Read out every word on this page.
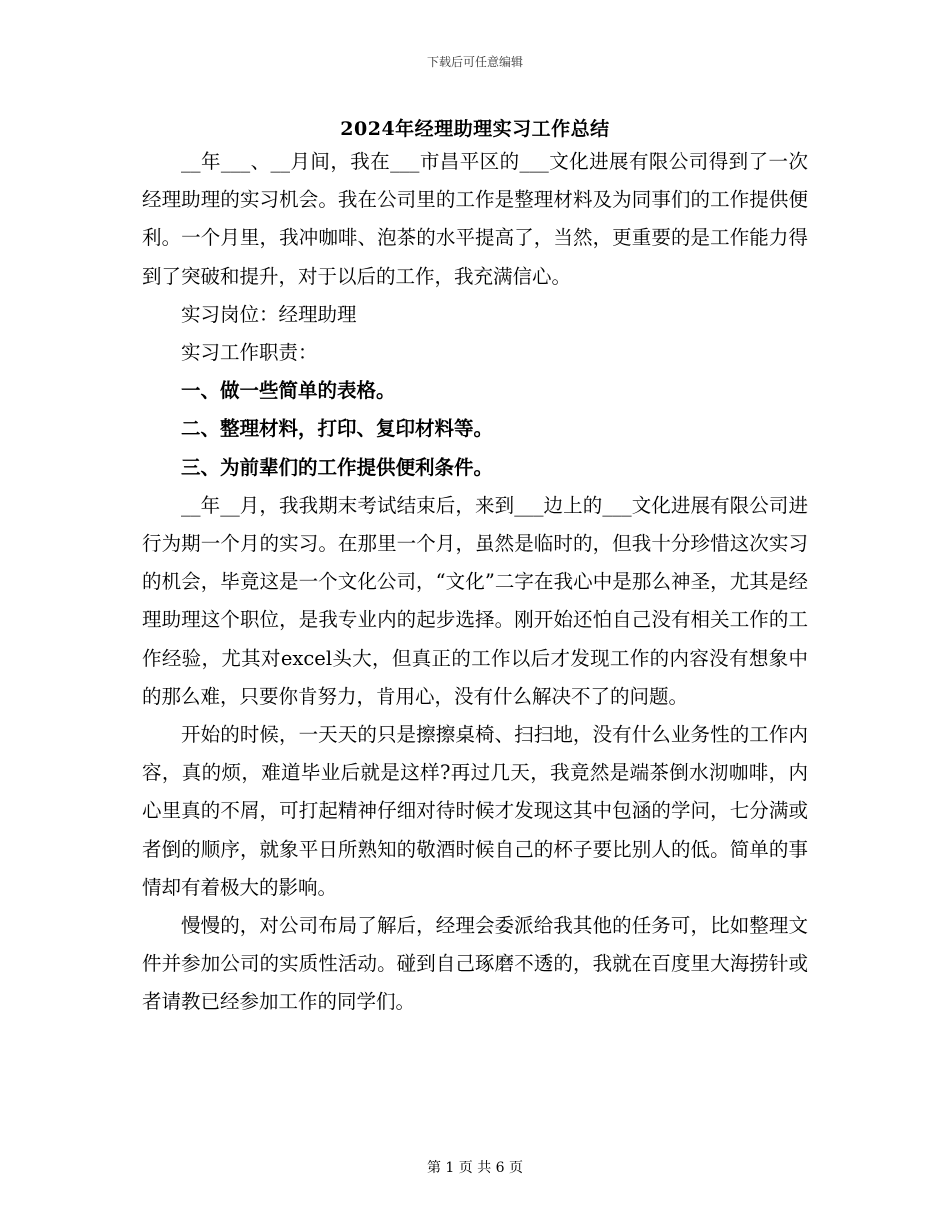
下载后可任意编辑
2024年经理助理实习工作总结

__年___、__月间，我在___市昌平区的___文化进展有限公司得到了一次经理助理的实习机会。我在公司里的工作是整理材料及为同事们的工作提供便利。一个月里，我冲咖啡、泡茶的水平提高了，当然，更重要的是工作能力得到了突破和提升，对于以后的工作，我充满信心。

实习岗位：经理助理

实习工作职责：

一、做一些简单的表格。

二、整理材料，打印、复印材料等。

三、为前辈们的工作提供便利条件。

__年__月，我我期末考试结束后，来到___边上的___文化进展有限公司进行为期一个月的实习。在那里一个月，虽然是临时的，但我十分珍惜这次实习的机会，毕竟这是一个文化公司，“文化”二字在我心中是那么神圣，尤其是经理助理这个职位，是我专业内的起步选择。刚开始还怕自己没有相关工作的工作经验，尤其对excel头大，但真正的工作以后才发现工作的内容没有想象中的那么难，只要你肯努力，肯用心，没有什么解决不了的问题。

开始的时候，一天天的只是擦擦桌椅、扫扫地，没有什么业务性的工作内容，真的烦，难道毕业后就是这样?再过几天，我竟然是端茶倒水沏咖啡，内心里真的不屑，可打起精神仔细对待时候才发现这其中包涵的学问，七分满或者倒的顺序，就象平日所熟知的敬酒时候自己的杯子要比别人的低。简单的事情却有着极大的影响。

慢慢的，对公司布局了解后，经理会委派给我其他的任务可，比如整理文件并参加公司的实质性活动。碰到自己琢磨不透的，我就在百度里大海捞针或者请教已经参加工作的同学们。

第 1 页 共 6 页
